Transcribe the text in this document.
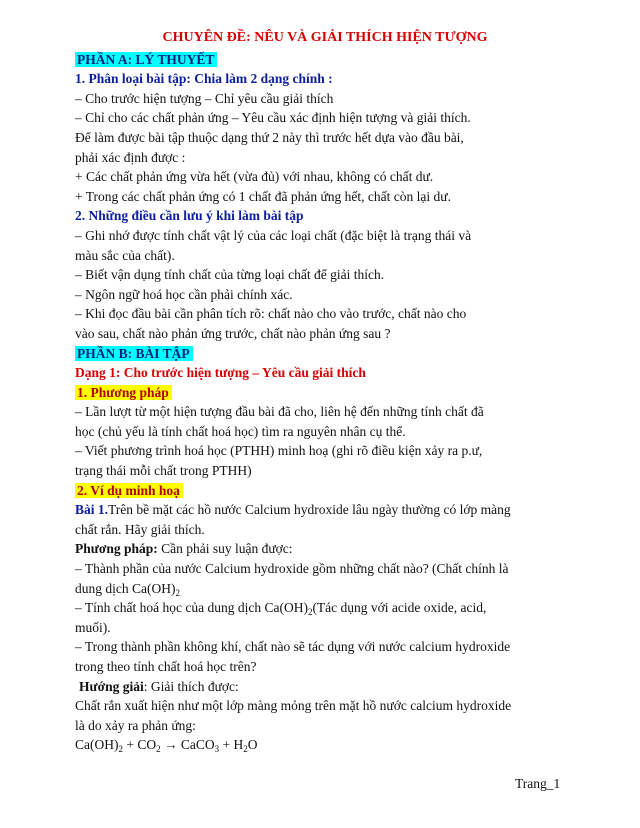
CHUYÊN ĐỀ: NÊU VÀ GIẢI THÍCH HIỆN TƯỢNG
PHẦN A: LÝ THUYẾT
1. Phân loại bài tập: Chia làm 2 dạng chính :
– Cho trước hiện tượng – Chỉ yêu cầu giải thích
– Chỉ cho các chất phản ứng – Yêu cầu xác định hiện tượng và giải thích.
Để làm được bài tập thuộc dạng thứ 2 này thì trước hết dựa vào đầu bài,
phải xác định được :
+ Các chất phản ứng vừa hết (vừa đủ) với nhau, không có chất dư.
+ Trong các chất phản ứng có 1 chất đã phản ứng hết, chất còn lại dư.
2. Những điều cần lưu ý khi làm bài tập
– Ghi nhớ được tính chất vật lý của các loại chất (đặc biệt là trạng thái và
màu sắc của chất).
– Biết vận dụng tính chất của từng loại chất để giải thích.
– Ngôn ngữ hoá học cần phải chính xác.
– Khi đọc đầu bài cần phân tích rõ: chất nào cho vào trước, chất nào cho
vào sau, chất nào phản ứng trước, chất nào phản ứng sau ?
PHẦN B: BÀI TẬP
Dạng 1: Cho trước hiện tượng – Yêu cầu giải thích
1. Phương pháp
– Lần lượt từ một hiện tượng đầu bài đã cho, liên hệ đến những tính chất đã
học (chủ yếu là tính chất hoá học) tìm ra nguyên nhân cụ thể.
– Viết phương trình hoá học (PTHH) minh hoạ (ghi rõ điều kiện xảy ra p.ư,
trạng thái mỗi chất trong PTHH)
2. Ví dụ minh hoạ
Bài 1.Trên bề mặt các hồ nước Calcium hydroxide lâu ngày thường có lớp màng
chất rắn. Hãy giải thích.
Phương pháp: Cần phải suy luận được:
– Thành phần của nước Calcium hydroxide gồm những chất nào? (Chất chính là
dung dịch $Ca(OH)_2$
– Tính chất hoá học của dung dịch $Ca(OH)_2(Tác$ dụng với acide oxide, acid,
muối).
– Trong thành phần không khí, chất nào sẽ tác dụng với nước calcium hydroxide
trong theo tính chất hoá học trên?
Hướng giải: Giải thích được:
Chất rắn xuất hiện như một lớp màng mỏng trên mặt hồ nước calcium hydroxide
là do xảy ra phản ứng:
$Ca(OH)_2 + CO_2$ → CaCO$_3$ + $H_2O$
Trang_1
